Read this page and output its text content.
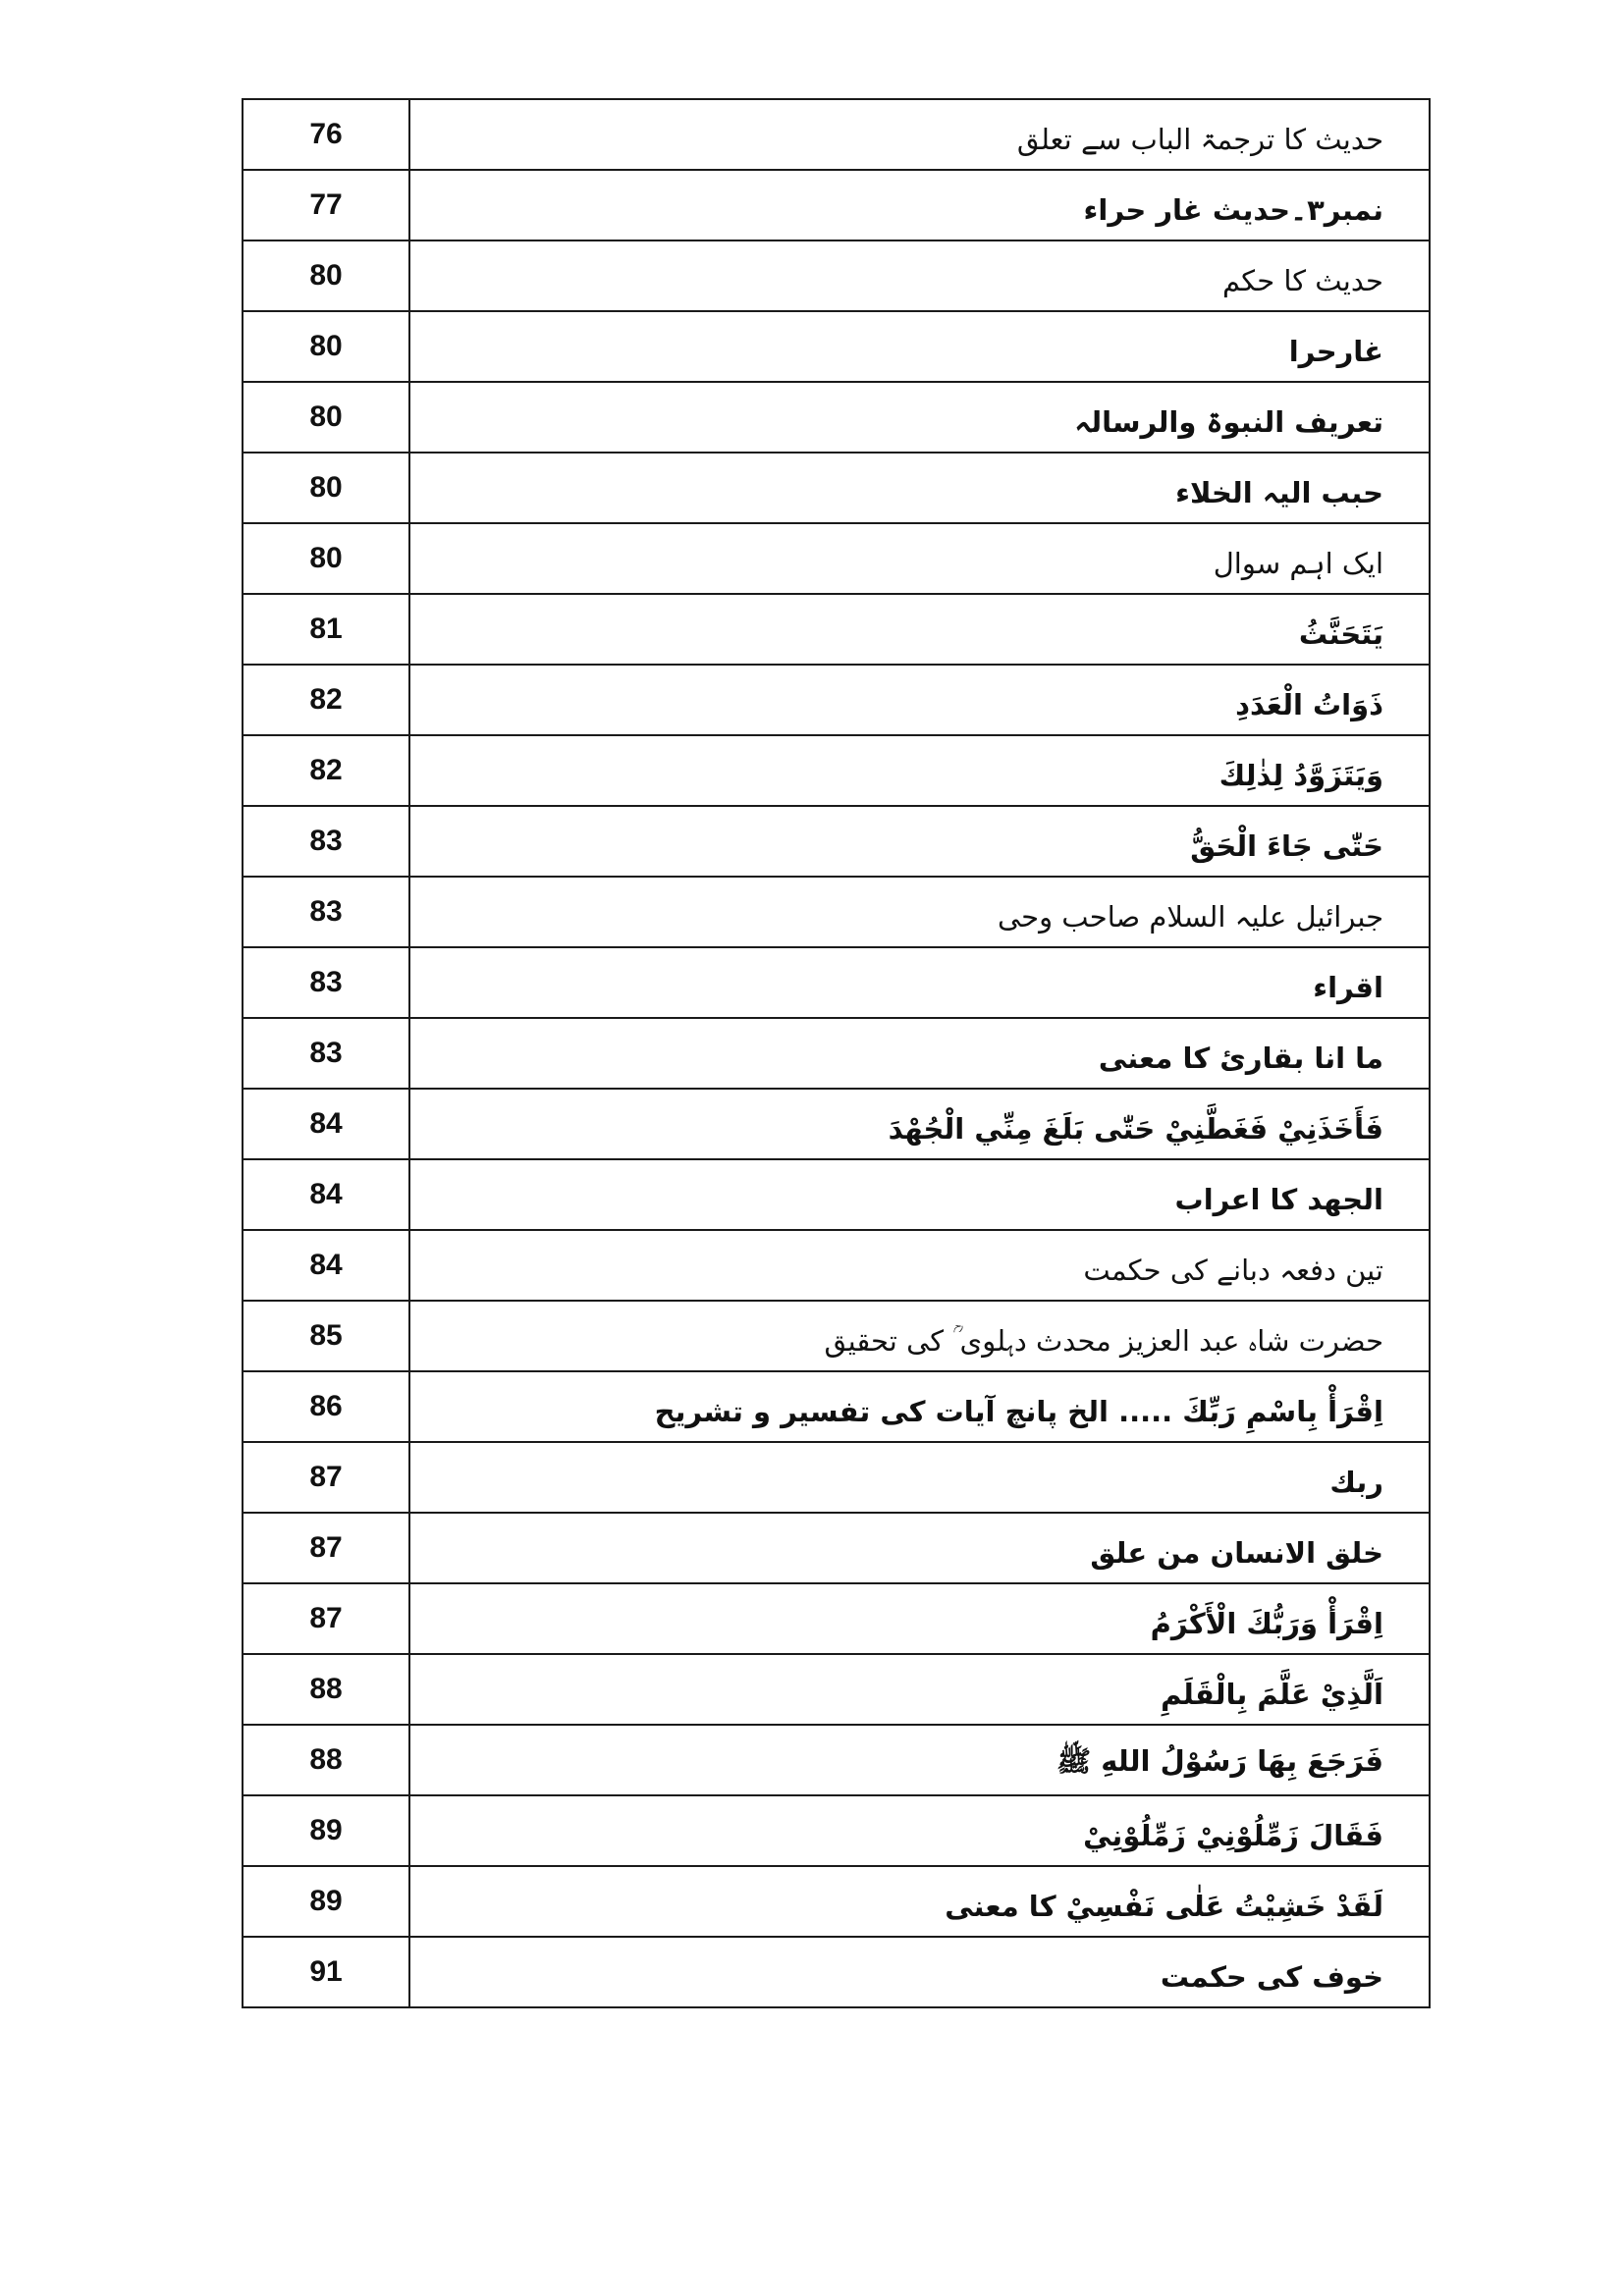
76	حدیث کا ترجمۃ الباب سے تعلق
77	نمبر۳۔حدیث غار حراء
80	حدیث کا حکم
80	غارحرا
80	تعریف النبوۃ والرسالہ
80	حبب الیہ الخلاء
80	ایک اہم سوال
81	يَتَحَنَّثُ
82	ذَوَاتُ الْعَدَدِ
82	وَيَتَزَوَّدُ لِذٰلِكَ
83	حَتّٰى جَاءَ الْحَقُّ
83	جبرائیل علیہ السلام صاحب وحی
83	اقراء
83	ما انا بقارئ کا معنی
84	فَأَخَذَنِيْ فَغَطَّنِيْ حَتّٰى بَلَغَ مِنِّي الْجُهْدَ
84	الجھد کا اعراب
84	تین دفعہ دبانے کی حکمت
85	حضرت شاہ عبد العزیز محدث دہلوی ؒ کی تحقیق
86	اِقْرَأْ بِاسْمِ رَبِّكَ ..... الخ پانچ آیات کی تفسیر و تشریح
87	ربك
87	خلق الانسان من علق
87	اِقْرَأْ وَرَبُّكَ الْأَكْرَمُ
88	اَلَّذِيْ عَلَّمَ بِالْقَلَمِ
88	فَرَجَعَ بِهَا رَسُوْلُ اللهِ ﷺ
89	فَقَالَ زَمِّلُوْنِيْ زَمِّلُوْنِيْ
89	لَقَدْ خَشِيْتُ عَلٰى نَفْسِيْ کا معنی
91	خوف کی حکمت
